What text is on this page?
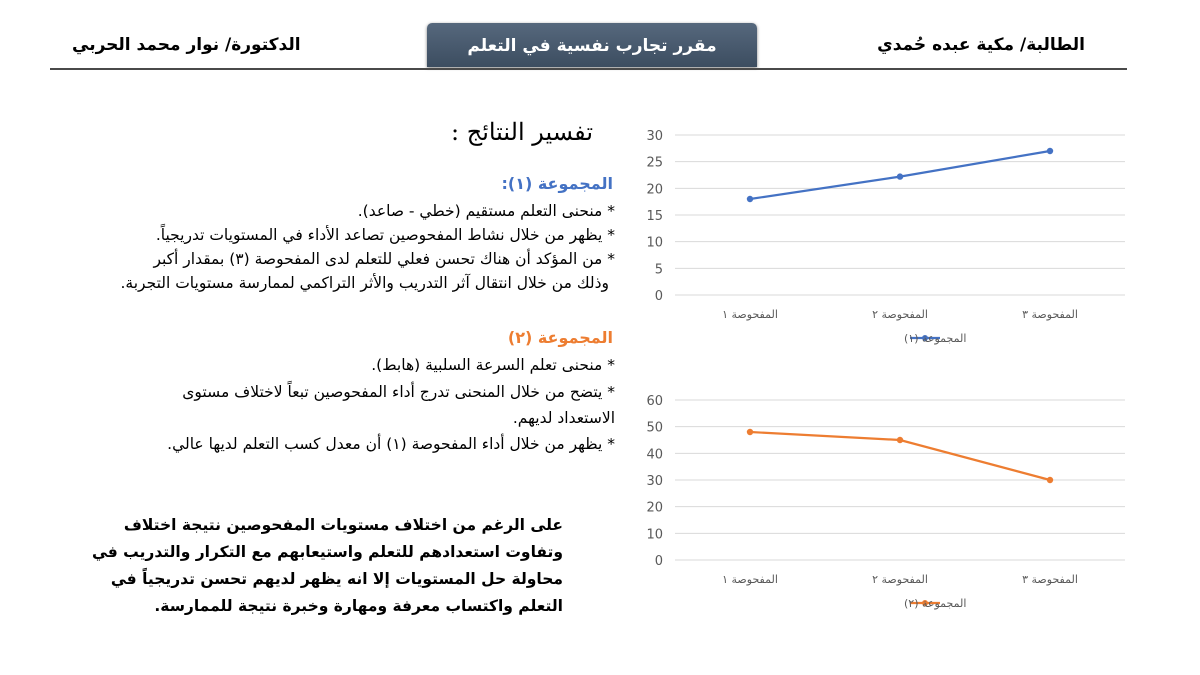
الطالبة/ مكية عبده حُمدي
مقرر تجارب نفسية في التعلم
الدكتورة/ نوار محمد الحربي
تفسير النتائج :
المجموعة (١):
* منحنى التعلم مستقيم (خطي - صاعد).
* يظهر من خلال نشاط المفحوصين تصاعد الأداء في المستويات تدريجياً.
* من المؤكد أن هناك تحسن فعلي للتعلم لدى المفحوصة (٣) بمقدار أكبر
وذلك من خلال انتقال آثر التدريب والأثر التراكمي لممارسة مستويات التجربة.
المجموعة (٢)
* منحنى تعلم السرعة السلبية (هابط).
* يتضح من خلال المنحنى تدرج أداء المفحوصين تبعاً لاختلاف مستوى
الاستعداد لديهم.
* يظهر من خلال أداء المفحوصة (١) أن معدل كسب التعلم لديها عالي.
على الرغم من اختلاف مستويات المفحوصين نتيجة اختلاف
وتفاوت استعدادهم للتعلم واستيعابهم مع التكرار والتدريب في
محاولة حل المستويات إلا انه يظهر لديهم تحسن تدريجياً في
التعلم واكتساب معرفة ومهارة وخبرة نتيجة للممارسة.
0
5
10
15
20
25
30
المفحوصة ١	المفحوصة ٢	المفحوصة ٣
المجموعة (١)
0
10
20
30
40
50
60
المفحوصة ١	المفحوصة ٢	المفحوصة ٣
المجموعة (٢)
